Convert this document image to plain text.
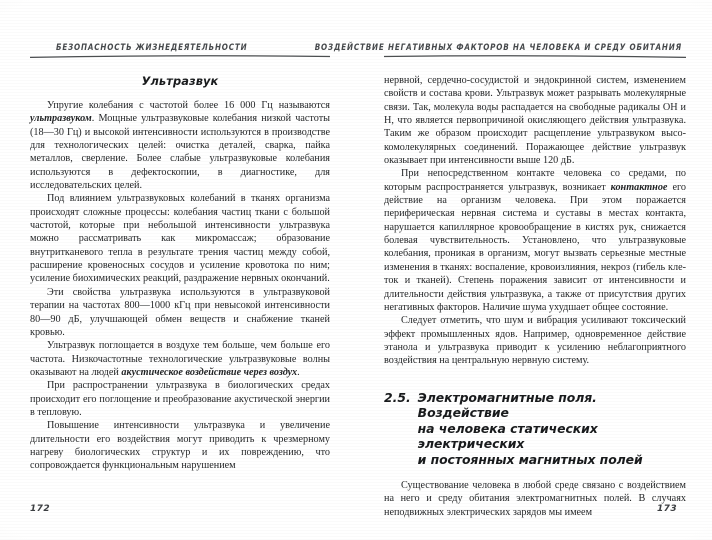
БЕЗОПАСНОСТЬ ЖИЗНЕДЕЯТЕЛЬНОСТИ
Ультразвук

Упругие колебания с частотой более 16 000 Гц называются ультразвуком. Мощные ультразвуковые колебания низкой частоты (18—30 Гц) и высокой интенсивности используются в производстве для технологических целей: очистка деталей, сварка, пайка металлов, сверление. Более слабые ультразвуковые колебания используются в дефектоскопии, в диагностике, для исследовательских целей.

Под влиянием ультразвуковых колебаний в тканях организма происходят сложные процессы: колебания частиц ткани с большой частотой, которые при небольшой интенсивности ультразвука можно рассматривать как микромассаж; образование внутритканевого тепла в результате трения частиц между собой, расширение кровеносных сосудов и усиление кровотока по ним; усиление биохимических реакций, раздражение нервных окончаний.

Эти свойства ультразвука используются в ультразвуковой терапии на частотах 800—1000 кГц при невысокой интенсивности 80—90 дБ, улучшающей обмен веществ и снабжение тканей кровью.

Ультразвук поглощается в воздухе тем больше, чем больше его частота. Низкочастотные технологические ультразвуковые волны оказывают на людей акустическое воздействие через воздух.

При распространении ультразвука в биологических средах происходит его поглощение и преобразование акустической энергии в тепловую.

Повышение интенсивности ультразвука и увеличение длительности его воздействия могут приводить к чрезмерному нагреву биологических структур и их повреждению, что сопровождается функциональным нарушением

172
ВОЗДЕЙСТВИЕ НЕГАТИВНЫХ ФАКТОРОВ НА ЧЕЛОВЕКА И СРЕДУ ОБИТАНИЯ

нервной, сердечно-сосудистой и эндокринной систем, изменением свойств и состава крови. Ультразвук может разрывать молекулярные связи. Так, молекула воды распадается на свободные радикалы ОН и Н, что является первопричиной окисляющего действия ультразвука. Таким же образом происходит расщепление ультразвуком высокомолекулярных соединений. Поражающее действие ультразвук оказывает при интенсивности выше 120 дБ.

При непосредственном контакте человека со средами, по которым распространяется ультразвук, возникает контактное его действие на организм человека. При этом поражается периферическая нервная система и суставы в местах контакта, нарушается капиллярное кровообращение в кистях рук, снижается болевая чувствительность. Установлено, что ультразвуковые колебания, проникая в организм, могут вызвать серьезные местные изменения в тканях: воспаление, кровоизлияния, некроз (гибель клеток и тканей). Степень поражения зависит от интенсивности и длительности действия ультразвука, а также от присутствия других негативных факторов. Наличие шума ухудшает общее состояние.

Следует отметить, что шум и вибрация усиливают токсический эффект промышленных ядов. Например, одновременное действие этанола и ультразвука приводит к усилению неблагоприятного воздействия на центральную нервную систему.

2.5. Электромагнитные поля. Воздействие
на человека статических электрических
и постоянных магнитных полей

Существование человека в любой среде связано с воздействием на него и среду обитания электромагнитных полей. В случаях неподвижных электрических зарядов мы имеем	173
